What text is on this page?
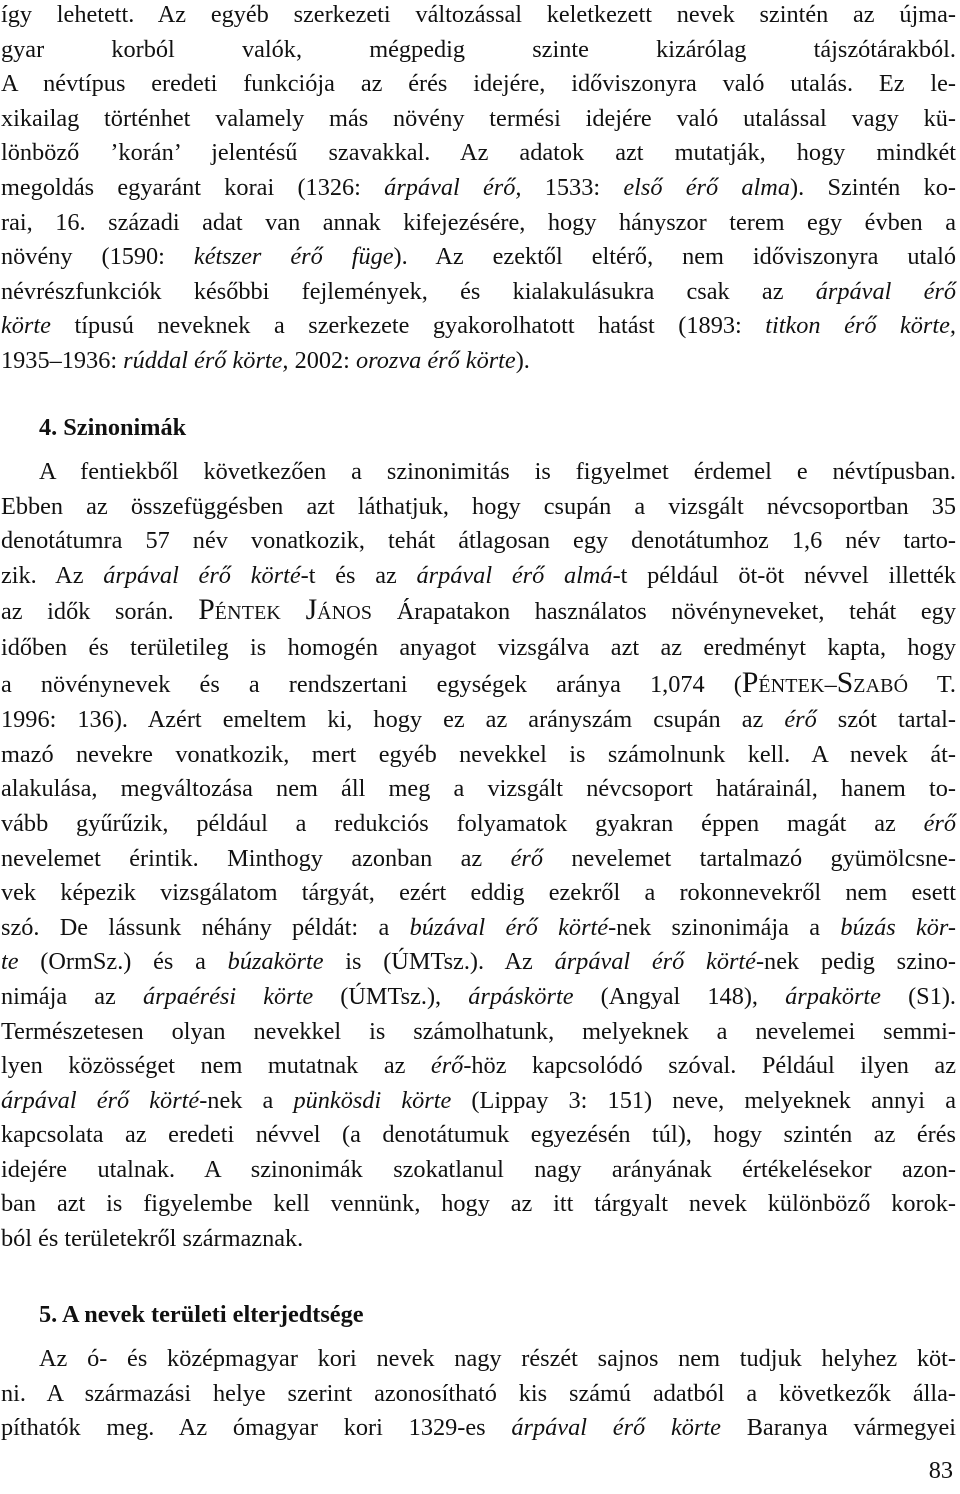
így lehetett. Az egyéb szerkezeti változással keletkezett nevek szintén az újma-
gyar korból valók, mégpedig szinte kizárólag tájszótárakból.
A névtípus eredeti funkciója az érés idejére, időviszonyra való utalás. Ez le-
xikailag történhet valamely más növény termési idejére való utalással vagy kü-
lönböző ’korán’ jelentésű szavakkal. Az adatok azt mutatják, hogy mindkét
megoldás egyaránt korai (1326: árpával érő, 1533: első érő alma). Szintén ko-
rai, 16. századi adat van annak kifejezésére, hogy hányszor terem egy évben a
növény (1590: kétszer érő füge). Az ezektől eltérő, nem időviszonyra utaló
névrészfunkciók későbbi fejlemények, és kialakulásukra csak az árpával érő
körte típusú neveknek a szerkezete gyakorolhatott hatást (1893: titkon érő körte,
1935–1936: rúddal érő körte, 2002: orozva érő körte).
4. Szinonimák
A fentiekből következően a szinonimitás is figyelmet érdemel e névtípusban.
Ebben az összefüggésben azt láthatjuk, hogy csupán a vizsgált névcsoportban 35
denotátumra 57 név vonatkozik, tehát átlagosan egy denotátumhoz 1,6 név tarto-
zik. Az árpával érő körté-t és az árpával érő almá-t például öt-öt névvel illették
az idők során. PÉNTEK JÁNOS Árapatakon használatos növényneveket, tehát egy
időben és területileg is homogén anyagot vizsgálva azt az eredményt kapta, hogy
a növénynevek és a rendszertani egységek aránya 1,074 (PÉNTEK–SZABÓ T.
1996: 136). Azért emeltem ki, hogy ez az arányszám csupán az érő szót tartal-
mazó nevekre vonatkozik, mert egyéb nevekkel is számolnunk kell. A nevek át-
alakulása, megváltozása nem áll meg a vizsgált névcsoport határainál, hanem to-
vább gyűrűzik, például a redukciós folyamatok gyakran éppen magát az érő
nevelemet érintik. Minthogy azonban az érő nevelemet tartalmazó gyümölcsne-
vek képezik vizsgálatom tárgyát, ezért eddig ezekről a rokonnevekről nem esett
szó. De lássunk néhány példát: a búzával érő körté-nek szinonimája a búzás kör-
te (OrmSz.) és a búzakörte is (ÚMTsz.). Az árpával érő körté-nek pedig szino-
nimája az árpaérési körte (ÚMTsz.), árpáskörte (Angyal 148), árpakörte (S1).
Természetesen olyan nevekkel is számolhatunk, melyeknek a nevelemei semmi-
lyen közösséget nem mutatnak az érő-höz kapcsolódó szóval. Például ilyen az
árpával érő körté-nek a pünkösdi körte (Lippay 3: 151) neve, melyeknek annyi a
kapcsolata az eredeti névvel (a denotátumuk egyezésén túl), hogy szintén az érés
idejére utalnak. A szinonimák szokatlanul nagy arányának értékelésekor azon-
ban azt is figyelembe kell vennünk, hogy az itt tárgyalt nevek különböző korok-
ból és területekről származnak.
5. A nevek területi elterjedtsége
Az ó- és középmagyar kori nevek nagy részét sajnos nem tudjuk helyhez köt-
ni. A származási helye szerint azonosítható kis számú adatból a következők álla-
píthatók meg. Az ómagyar kori 1329-es árpával érő körte Baranya vármegyei
83
